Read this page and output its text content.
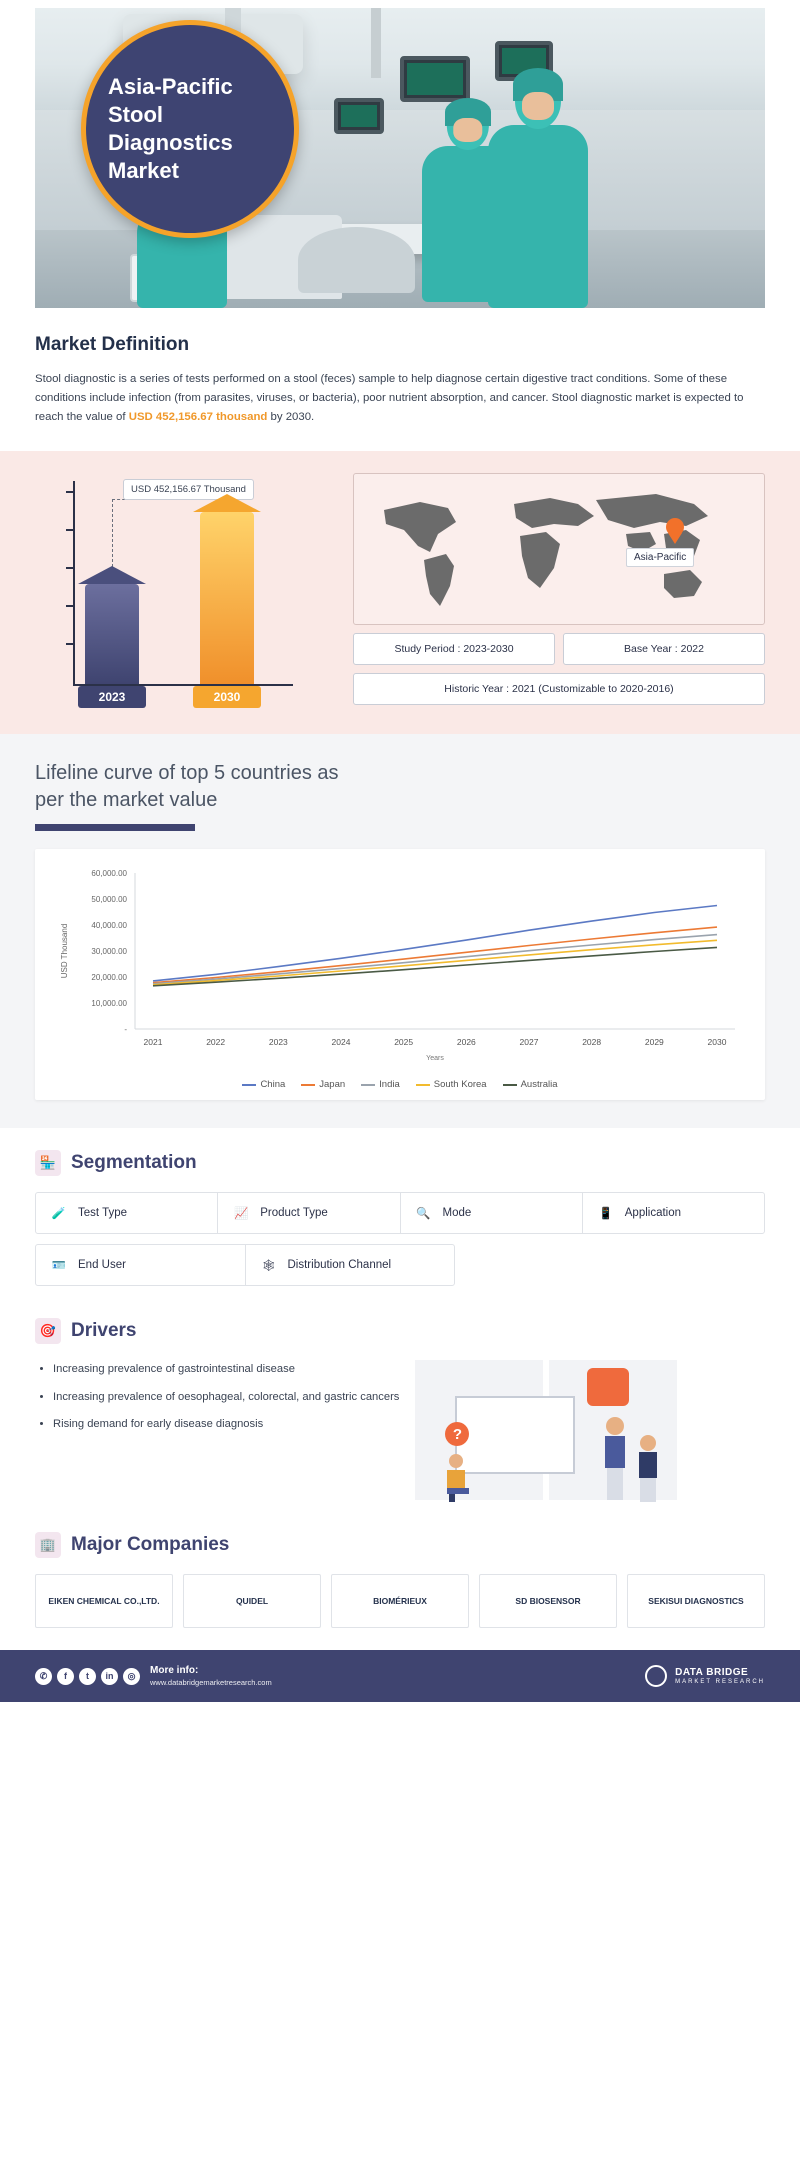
Asia-Pacific
Stool Diagnostics
Market
Market Definition

Stool diagnostic is a series of tests performed on a stool (feces) sample to help diagnose certain digestive tract conditions. Some of these conditions include infection (from parasites, viruses, or bacteria), poor nutrient absorption, and cancer. Stool diagnostic market is expected to reach the value of USD 452,156.67 thousand by 2030.

USD 452,156.67 Thousand
2023	2030
Asia-Pacific
Study Period : 2023-2030	Base Year : 2022
Historic Year : 2021 (Customizable to 2020-2016)
Lifeline curve of top 5 countries as
per the market value
-
10,000.00
20,000.00
30,000.00
40,000.00
50,000.00
60,000.00
2021	2022	2023	2024	2025	2026	2027	2028	2029	2030
Years
USD Thousand
China	Japan	India	South Korea	Australia
🏪 Segmentation
🧪	Test Type	📈	Product Type	🔍	Mode	📱	Application
🪪	End User	🕸	Distribution Channel
🎯 Drivers
• Increasing prevalence of gastrointestinal disease
• Increasing prevalence of oesophageal, colorectal, and gastric cancers
• Rising demand for early disease diagnosis
?
🏢 Major Companies
EIKEN CHEMICAL CO.,LTD.	QUIDEL	BIOMÉRIEUX	SD BIOSENSOR	SEKISUI DIAGNOSTICS
✆	f	t	in	◎	More info:
www.databridgemarketresearch.com
DATA BRIDGE
MARKET RESEARCH
